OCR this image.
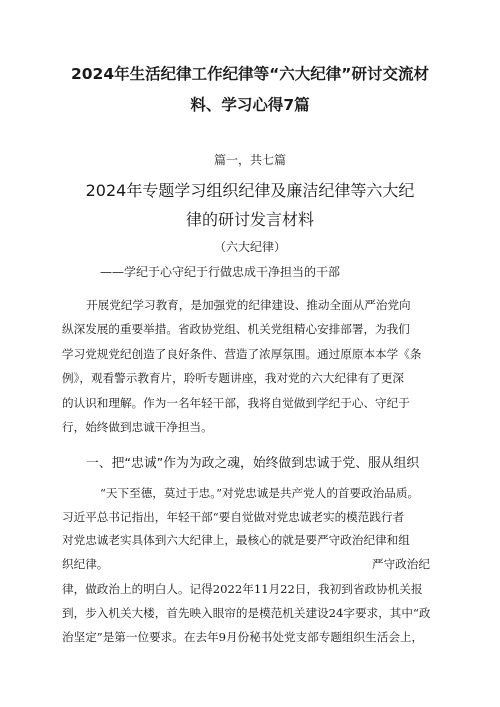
2024年生活纪律工作纪律等“六大纪律”研讨交流材
料、学习心得7篇
篇一，共七篇
2024年专题学习组织纪律及廉洁纪律等六大纪
律的研讨发言材料
（六大纪律）
——学纪于心守纪于行做忠成干净担当的干部
开展党纪学习教育，是加强党的纪律建设、推动全面从严治党向
纵深发展的重要举措。省政协党组、机关党组精心安排部署，为我们
学习党规党纪创造了良好条件、营造了浓厚氛围。通过原原本本学《条
例》，观看警示教育片，聆听专题讲座，我对党的六大纪律有了更深
的认识和理解。作为一名年轻干部，我将自觉做到学纪于心、守纪于
行，始终做到忠诚干净担当。
一、把“忠诚”作为为政之魂，始终做到忠诚于党、服从组织
“天下至德，莫过于忠。”对党忠诚是共产党人的首要政治品质。
习近平总书记指出，年轻干部“要自觉做对党忠诚老实的模范践行者
对党忠诚老实具体到六大纪律上，最核心的就是要严守政治纪律和组
织纪律。	严守政治纪
律，做政治上的明白人。记得2022年11月22日，我初到省政协机关报
到，步入机关大楼，首先映入眼帘的是模范机关建设24字要求，其中“政
治坚定”是第一位要求。在去年9月份秘书处党支部专题组织生活会上，
